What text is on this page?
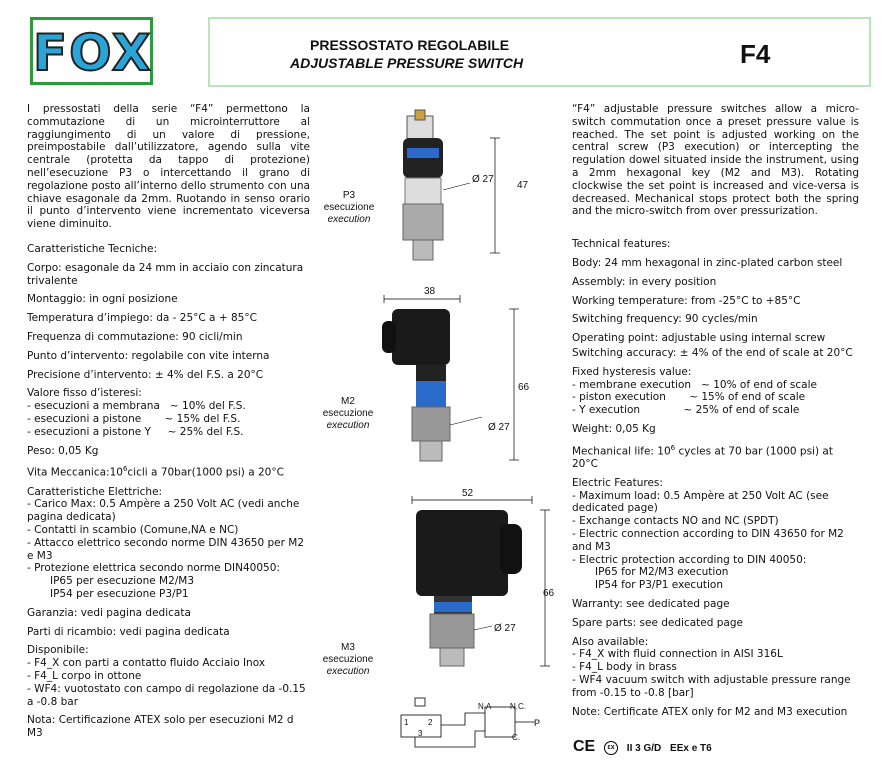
FOX	PRESSOSTATO REGOLABILE
ADJUSTABLE PRESSURE SWITCH	F4

I pressostati della serie “F4” permettono la commutazione di un microinterruttore al raggiungimento di un valore di pressione, preimpostabile dall’utilizzatore, agendo sulla vite centrale (protetta da tappo di protezione) nell’esecuzione P3 o intercettando il grano di regolazione posto all’interno dello strumento con una chiave esagonale da 2mm. Ruotando in senso orario il punto d’intervento viene incrementato viceversa viene diminuito.

Caratteristiche Tecniche:

Corpo: esagonale da 24 mm in acciaio con zincatura trivalente

Montaggio: in ogni posizione

Temperatura d’impiego: da - 25°C a + 85°C

Frequenza di commutazione: 90 cicli/min

Punto d’intervento: regolabile con vite interna

Precisione d’intervento: ± 4% del F.S. a 20°C

Valore fisso d’isteresi:
- esecuzioni a membrana   ~ 10% del F.S.
- esecuzioni a pistone       ~ 15% del F.S.
- esecuzioni a pistone Y     ~ 25% del F.S.

Peso: 0,05 Kg

Vita $Meccanica:10^6cicli$ a 70bar(1000 psi) a 20°C

Caratteristiche Elettriche:

- Carico Max: 0.5 Ampère a 250 Volt AC (vedi anche pagina dedicata)

- Contatti in scambio (Comune,NA e NC)

- Attacco elettrico secondo norme DIN 43650 per M2 e M3

- Protezione elettrica secondo norme DIN40050:

IP65 per esecuzione M2/M3

IP54 per esecuzione P3/P1

Garanzia: vedi pagina dedicata

Parti di ricambio: vedi pagina dedicata

Disponibile:

- F4_X con parti a contatto fluido Acciaio Inox

- F4_L corpo in ottone

- WF4: vuotostato con campo di regolazione da -0.15 a -0.8 bar

Nota: Certificazione ATEX solo per esecuzioni M2 d M3

“F4” adjustable pressure switches allow a micro-switch commutation once a preset pressure value is reached. The set point is adjusted working on the central screw (P3 execution) or intercepting the regulation dowel situated inside the instrument, using a 2mm hexagonal key (M2 and M3). Rotating clockwise the set point is increased and vice-versa is decreased. Mechanical stops protect both the spring and the micro-switch from over pressurization.

Technical features:

Body: 24 mm hexagonal in zinc-plated carbon steel

Assembly: in every position

Working temperature: from -25°C to +85°C

Switching frequency: 90 cycles/min

Operating point: adjustable using internal screw

Switching accuracy: ± 4% of the end of scale at 20°C

Fixed hysteresis value:
- membrane execution   ~ 10% of end of scale
- piston execution       ~ 15% of end of scale
- Y execution             ~ 25% of end of scale

Weight: 0,05 Kg

Mechanical life: $10^6$ cycles at 70 bar (1000 psi) at 20°C

Electric Features:

- Maximum load: 0.5 Ampère at 250 Volt AC (see dedicated page)

- Exchange contacts NO and NC (SPDT)

- Electric connection according to DIN 43650 for M2 and M3

- Electric protection according to DIN 40050:

IP65 for M2/M3 execution

IP54 for P3/P1 execution

Warranty: see dedicated page

Spare parts: see dedicated page

Also available:

- F4_X with fluid connection in AISI 316L

- F4_L body in brass

- WF4 vacuum switch with adjustable pressure range from -0.15 to -0.8 [bar]

Note: Certificate ATEX only for M2 and M3 execution

47
Ø 27
P3
esecuzione
execution
38
66
Ø 27
M2
esecuzione
execution
52
66
Ø 27
M3
esecuzione
execution
N.A N.C.
C.
P
1 2
3
CE εx II 3 G/D EEx e T6
